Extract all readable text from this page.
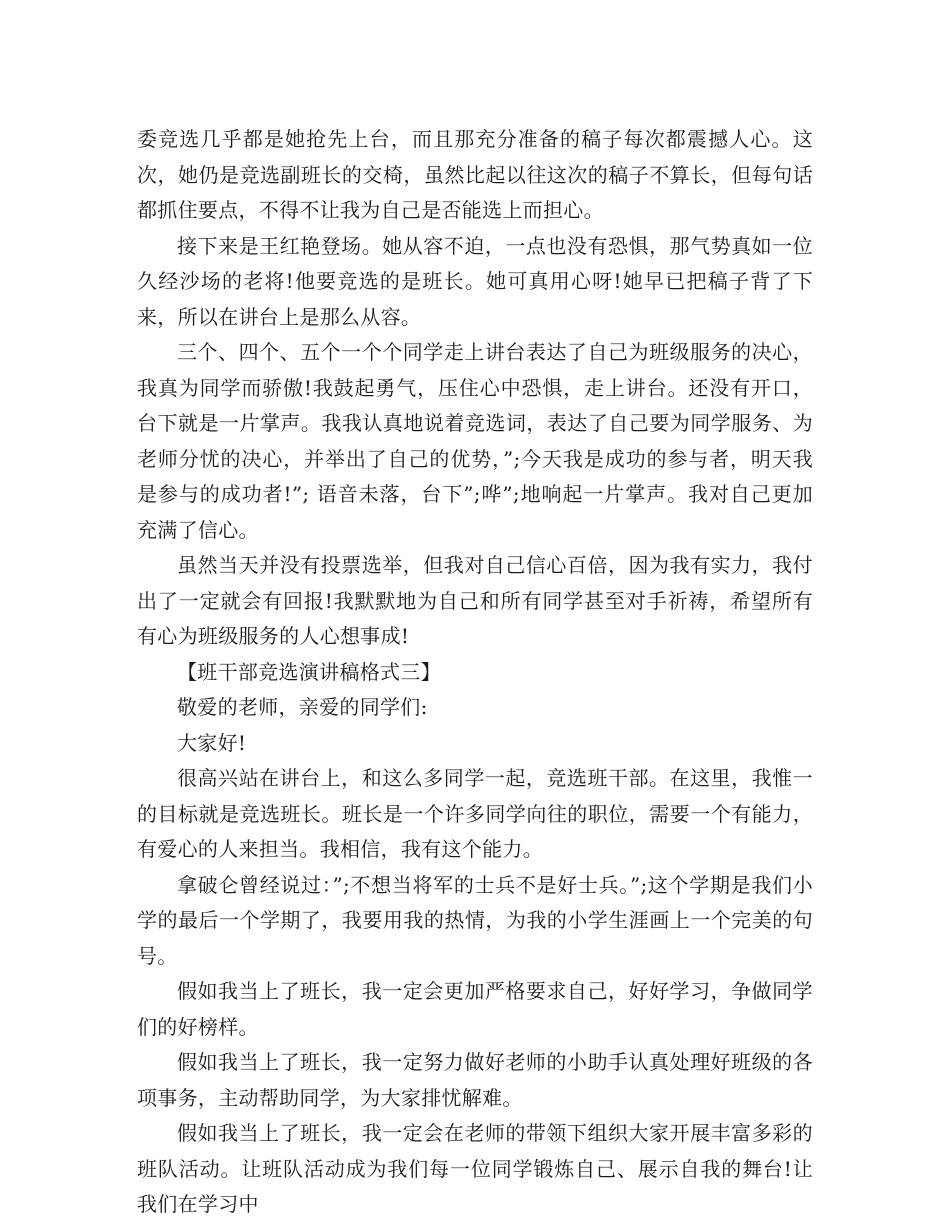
委竞选几乎都是她抢先上台，而且那充分准备的稿子每次都震撼人心。这次，她仍是竞选副班长的交椅，虽然比起以往这次的稿子不算长，但每句话都抓住要点，不得不让我为自己是否能选上而担心。

接下来是王红艳登场。她从容不迫，一点也没有恐惧，那气势真如一位久经沙场的老将!他要竞选的是班长。她可真用心呀!她早已把稿子背了下来，所以在讲台上是那么从容。

三个、四个、五个一个个同学走上讲台表达了自己为班级服务的决心，我真为同学而骄傲!我鼓起勇气，压住心中恐惧，走上讲台。还没有开口，台下就是一片掌声。我我认真地说着竞选词，表达了自己要为同学服务、为老师分忧的决心，并举出了自己的优势，”;今天我是成功的参与者，明天我是参与的成功者!”; 语音未落，台下”;哗”;地响起一片掌声。我对自己更加充满了信心。

虽然当天并没有投票选举，但我对自己信心百倍，因为我有实力，我付出了一定就会有回报!我默默地为自己和所有同学甚至对手祈祷，希望所有有心为班级服务的人心想事成!

【班干部竞选演讲稿格式三】

敬爱的老师，亲爱的同学们:

大家好!

很高兴站在讲台上，和这么多同学一起，竞选班干部。在这里，我惟一的目标就是竞选班长。班长是一个许多同学向往的职位，需要一个有能力，有爱心的人来担当。我相信，我有这个能力。

拿破仑曾经说过：”;不想当将军的士兵不是好士兵。”;这个学期是我们小学的最后一个学期了，我要用我的热情，为我的小学生涯画上一个完美的句号。

假如我当上了班长，我一定会更加严格要求自己，好好学习，争做同学们的好榜样。

假如我当上了班长，我一定努力做好老师的小助手认真处理好班级的各项事务，主动帮助同学，为大家排忧解难。

假如我当上了班长，我一定会在老师的带领下组织大家开展丰富多彩的班队活动。让班队活动成为我们每一位同学锻炼自己、展示自我的舞台!让我们在学习中
